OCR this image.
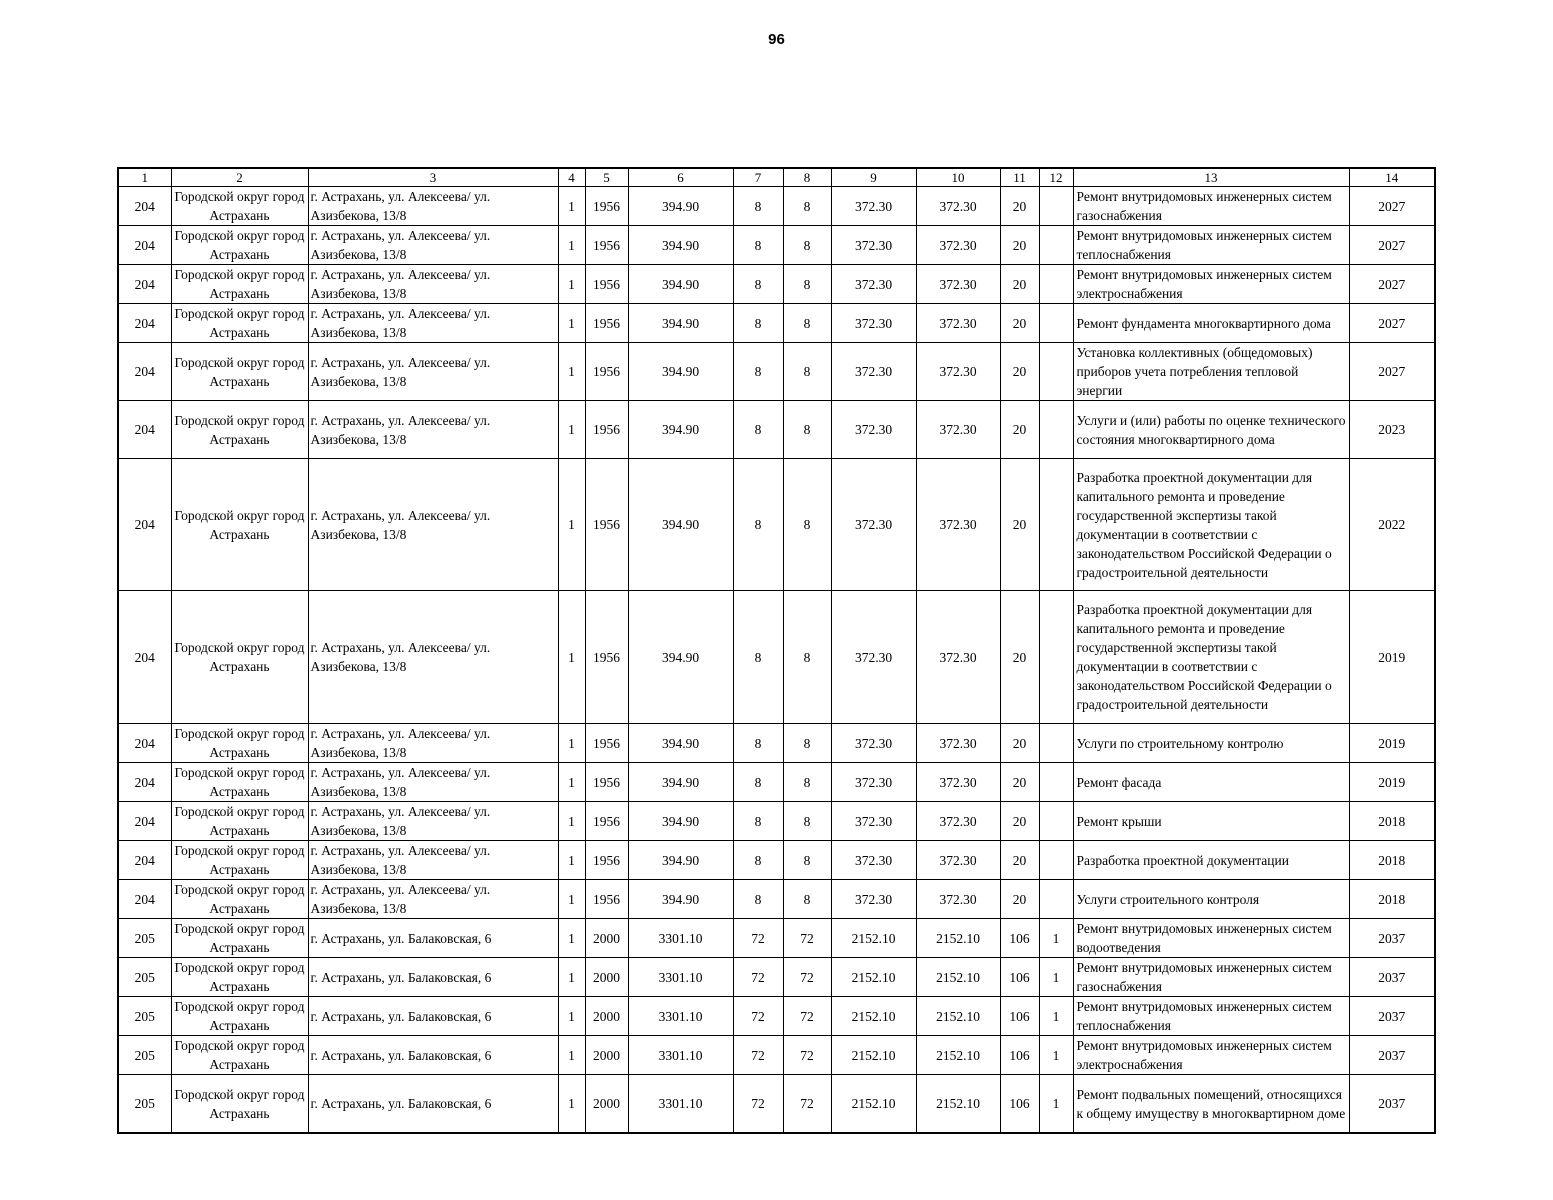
96
1	2	3	4	5	6	7	8	9	10	11	12	13	14
204	Городской округ город Астрахань	г. Астрахань, ул. Алексеева/ ул. Азизбекова, 13/8	1	1956	394.90	8	8	372.30	372.30	20		Ремонт внутридомовых инженерных систем газоснабжения	2027
204	Городской округ город Астрахань	г. Астрахань, ул. Алексеева/ ул. Азизбекова, 13/8	1	1956	394.90	8	8	372.30	372.30	20		Ремонт внутридомовых инженерных систем теплоснабжения	2027
204	Городской округ город Астрахань	г. Астрахань, ул. Алексеева/ ул. Азизбекова, 13/8	1	1956	394.90	8	8	372.30	372.30	20		Ремонт внутридомовых инженерных систем электроснабжения	2027
204	Городской округ город Астрахань	г. Астрахань, ул. Алексеева/ ул. Азизбекова, 13/8	1	1956	394.90	8	8	372.30	372.30	20		Ремонт фундамента многоквартирного дома	2027
204	Городской округ город Астрахань	г. Астрахань, ул. Алексеева/ ул. Азизбекова, 13/8	1	1956	394.90	8	8	372.30	372.30	20		Установка коллективных (общедомовых) приборов учета потребления тепловой энергии	2027
204	Городской округ город Астрахань	г. Астрахань, ул. Алексеева/ ул. Азизбекова, 13/8	1	1956	394.90	8	8	372.30	372.30	20		Услуги и (или) работы по оценке технического состояния многоквартирного дома	2023
204	Городской округ город Астрахань	г. Астрахань, ул. Алексеева/ ул. Азизбекова, 13/8	1	1956	394.90	8	8	372.30	372.30	20		Разработка проектной документации для капитального ремонта и проведение государственной экспертизы такой документации в соответствии с законодательством Российской Федерации о градостроительной деятельности	2022
204	Городской округ город Астрахань	г. Астрахань, ул. Алексеева/ ул. Азизбекова, 13/8	1	1956	394.90	8	8	372.30	372.30	20		Разработка проектной документации для капитального ремонта и проведение государственной экспертизы такой документации в соответствии с законодательством Российской Федерации о градостроительной деятельности	2019
204	Городской округ город Астрахань	г. Астрахань, ул. Алексеева/ ул. Азизбекова, 13/8	1	1956	394.90	8	8	372.30	372.30	20		Услуги по строительному контролю	2019
204	Городской округ город Астрахань	г. Астрахань, ул. Алексеева/ ул. Азизбекова, 13/8	1	1956	394.90	8	8	372.30	372.30	20		Ремонт фасада	2019
204	Городской округ город Астрахань	г. Астрахань, ул. Алексеева/ ул. Азизбекова, 13/8	1	1956	394.90	8	8	372.30	372.30	20		Ремонт крыши	2018
204	Городской округ город Астрахань	г. Астрахань, ул. Алексеева/ ул. Азизбекова, 13/8	1	1956	394.90	8	8	372.30	372.30	20		Разработка проектной документации	2018
204	Городской округ город Астрахань	г. Астрахань, ул. Алексеева/ ул. Азизбекова, 13/8	1	1956	394.90	8	8	372.30	372.30	20		Услуги строительного контроля	2018
205	Городской округ город Астрахань	г. Астрахань, ул. Балаковская, 6	1	2000	3301.10	72	72	2152.10	2152.10	106	1	Ремонт внутридомовых инженерных систем водоотведения	2037
205	Городской округ город Астрахань	г. Астрахань, ул. Балаковская, 6	1	2000	3301.10	72	72	2152.10	2152.10	106	1	Ремонт внутридомовых инженерных систем газоснабжения	2037
205	Городской округ город Астрахань	г. Астрахань, ул. Балаковская, 6	1	2000	3301.10	72	72	2152.10	2152.10	106	1	Ремонт внутридомовых инженерных систем теплоснабжения	2037
205	Городской округ город Астрахань	г. Астрахань, ул. Балаковская, 6	1	2000	3301.10	72	72	2152.10	2152.10	106	1	Ремонт внутридомовых инженерных систем электроснабжения	2037
205	Городской округ город Астрахань	г. Астрахань, ул. Балаковская, 6	1	2000	3301.10	72	72	2152.10	2152.10	106	1	Ремонт подвальных помещений, относящихся к общему имуществу в многоквартирном доме	2037
